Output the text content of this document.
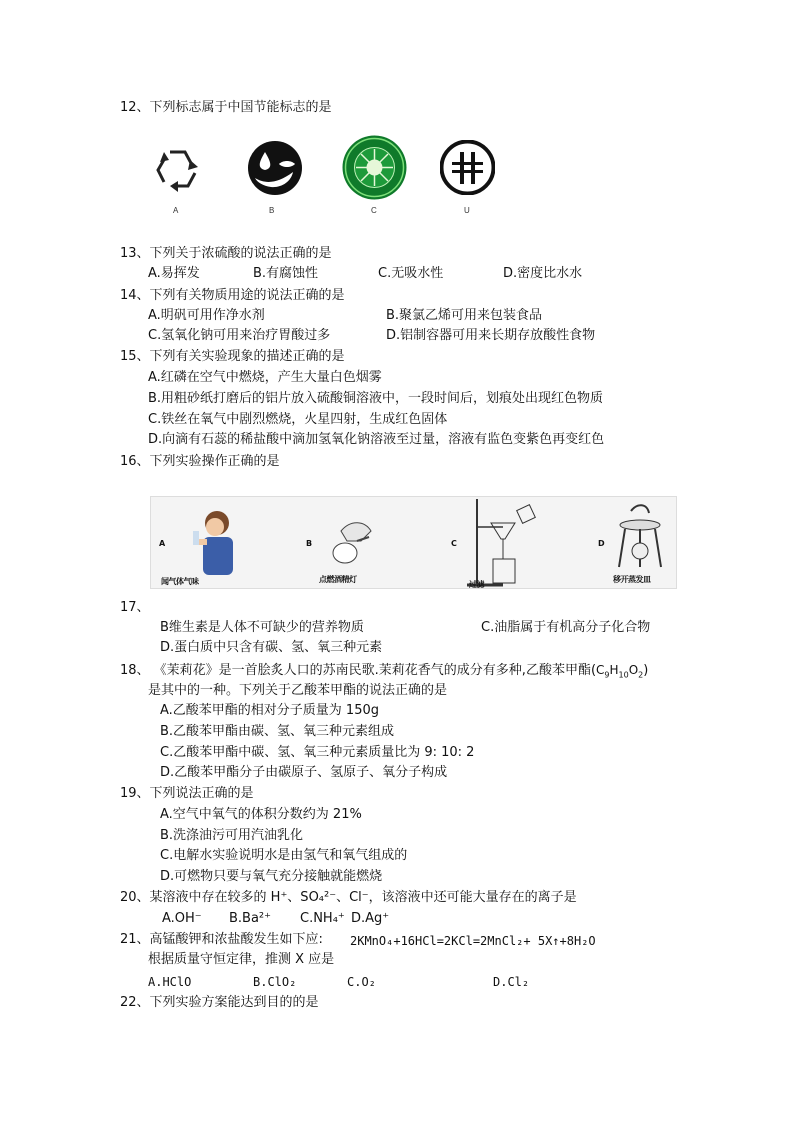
12、下列标志属于中国节能标志的是
A	B	C	U
13、下列关于浓硫酸的说法正确的是
A.易挥发	B.有腐蚀性	C.无吸水性	D.密度比水水
14、下列有关物质用途的说法正确的是
A.明矾可用作净水剂	B.聚氯乙烯可用来包装食品
C.氢氧化钠可用来治疗胃酸过多	D.铝制容器可用来长期存放酸性食物
15、下列有关实验现象的描述正确的是
A.红磷在空气中燃烧，产生大量白色烟雾
B.用粗砂纸打磨后的铝片放入硫酸铜溶液中，一段时间后，划痕处出现红色物质
C.铁丝在氧气中剧烈燃烧，火星四射，生成红色固体
D.向滴有石蕊的稀盐酸中滴加氢氧化钠溶液至过量，溶液有监色变紫色再变红色
16、下列实验操作正确的是
A
闻气体气味
B
点燃酒精灯
C
过滤
D
移开蒸发皿
17、
B维生素是人体不可缺少的营养物质	C.油脂属于有机高分子化合物
D.蛋白质中只含有碳、氢、氧三种元素
18、 《茉莉花》是一首脍炙人口的苏南民歌.茉莉花香气的成分有多种,乙酸苯甲酯$(C_9H_{10}O_2)$
是其中的一种。下列关于乙酸苯甲酯的说法正确的是
A.乙酸苯甲酯的相对分子质量为 150g
B.乙酸苯甲酯由碳、氢、氧三种元素组成
C.乙酸苯甲酯中碳、氢、氧三种元素质量比为 9: 10: 2
D.乙酸苯甲酯分子由碳原子、氢原子、氧分子构成
19、下列说法正确的是
A.空气中氧气的体积分数约为 21%
B.洗涤油污可用汽油乳化
C.电解水实验说明水是由氢气和氧气组成的
D.可燃物只要与氧气充分接触就能燃烧
20、某溶液中存在较多的 H⁺、SO₄²⁻、Cl⁻，该溶液中还可能大量存在的离子是
A.OH⁻ B.Ba²⁺ C.NH₄⁺ D.Ag⁺
21、高锰酸钾和浓盐酸发生如下应: 2KMnO₄+16HCl=2KCl=2MnCl₂+ 5X↑+8H₂O
根据质量守恒定律，推测 X 应是
A.HClO	B.ClO₂	C.O₂	D.Cl₂
22、下列实验方案能达到目的的是
